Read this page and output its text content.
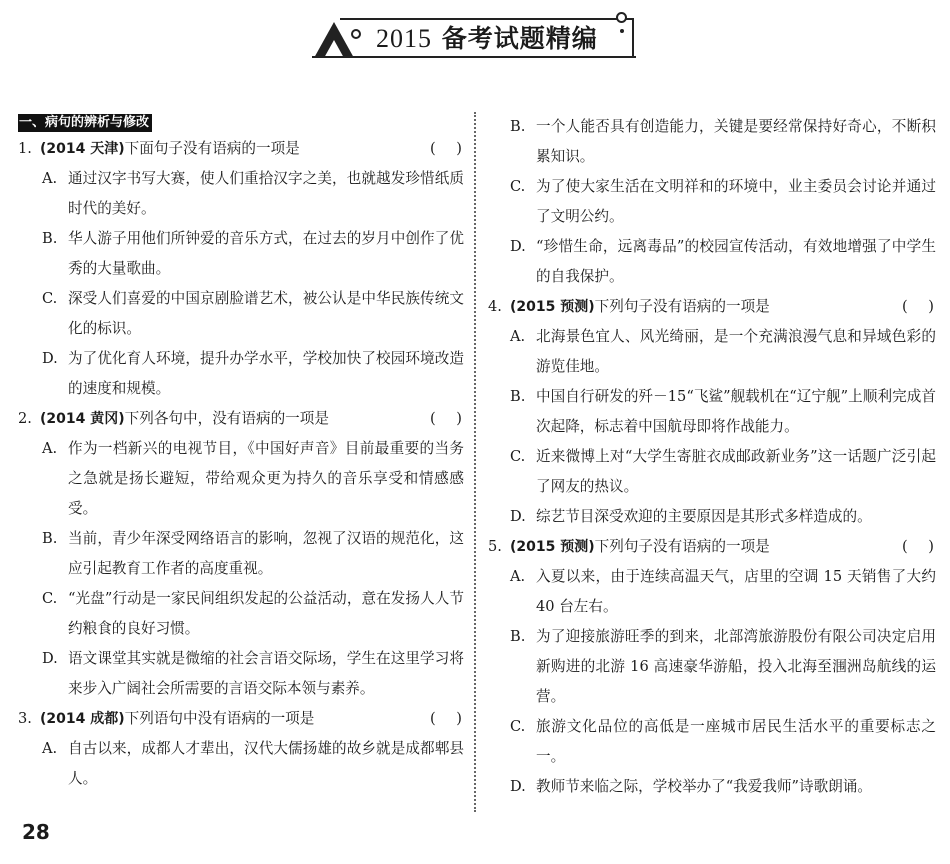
2015 备考试题精编
一、病句的辨析与修改
1. (2014 天津) 下面句子没有语病的一项是	( )
A. 通过汉字书写大赛，使人们重拾汉字之美，也就越发珍惜纸质时代的美好。
B. 华人游子用他们所钟爱的音乐方式，在过去的岁月中创作了优秀的大量歌曲。
C. 深受人们喜爱的中国京剧脸谱艺术，被公认是中华民族传统文化的标识。
D. 为了优化育人环境，提升办学水平，学校加快了校园环境改造的速度和规模。
2. (2014 黄冈) 下列各句中，没有语病的一项是	( )
A. 作为一档新兴的电视节目，《中国好声音》目前最重要的当务之急就是扬长避短，带给观众更为持久的音乐享受和情感感受。
B. 当前，青少年深受网络语言的影响，忽视了汉语的规范化，这应引起教育工作者的高度重视。
C. “光盘”行动是一家民间组织发起的公益活动，意在发扬人人节约粮食的良好习惯。
D. 语文课堂其实就是微缩的社会言语交际场，学生在这里学习将来步入广阔社会所需要的言语交际本领与素养。
3. (2014 成都) 下列语句中没有语病的一项是	( )
A. 自古以来，成都人才辈出，汉代大儒扬雄的故乡就是成都郫县人。
B. 一个人能否具有创造能力，关键是要经常保持好奇心，不断积累知识。
C. 为了使大家生活在文明祥和的环境中，业主委员会讨论并通过了文明公约。
D. “珍惜生命，远离毒品”的校园宣传活动，有效地增强了中学生的自我保护。
4. (2015 预测) 下列句子没有语病的一项是	( )
A. 北海景色宜人、风光绮丽，是一个充满浪漫气息和异域色彩的游览佳地。
B. 中国自行研发的歼－15“飞鲨”舰载机在“辽宁舰”上顺利完成首次起降，标志着中国航母即将作战能力。
C. 近来微博上对“大学生寄脏衣成邮政新业务”这一话题广泛引起了网友的热议。
D. 综艺节目深受欢迎的主要原因是其形式多样造成的。
5. (2015 预测) 下列句子没有语病的一项是	( )
A. 入夏以来，由于连续高温天气，店里的空调 15 天销售了大约 40 台左右。
B. 为了迎接旅游旺季的到来，北部湾旅游股份有限公司决定启用新购进的北游 16 高速豪华游船，投入北海至涠洲岛航线的运营。
C. 旅游文化品位的高低是一座城市居民生活水平的重要标志之一。
D. 教师节来临之际，学校举办了“我爱我师”诗歌朗诵。
28
